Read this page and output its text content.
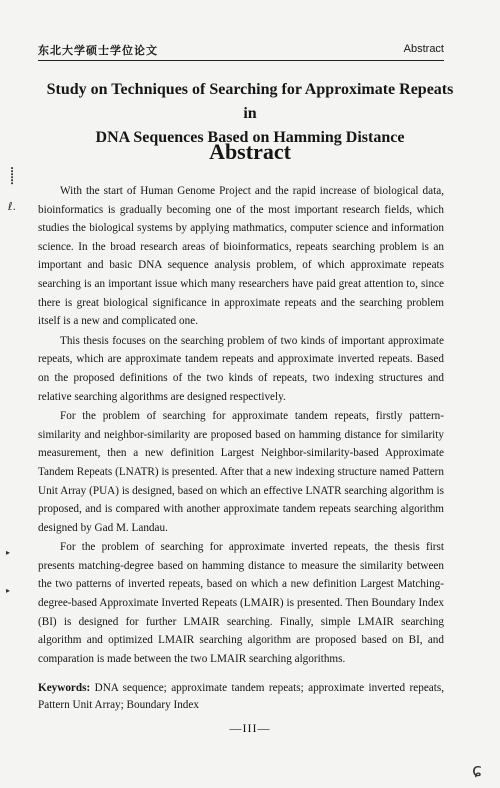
东北大学硕士学位论文	Abstract
Study on Techniques of Searching for Approximate Repeats in
DNA Sequences Based on Hamming Distance
Abstract

With the start of Human Genome Project and the rapid increase of biological data, bioinformatics is gradually becoming one of the most important research fields, which studies the biological systems by applying mathmatics, computer science and information science. In the broad research areas of bioinformatics, repeats searching problem is an important and basic DNA sequence analysis problem, of which approximate repeats searching is an important issue which many researchers have paid great attention to, since there is great biological significance in approximate repeats and the searching problem itself is a new and complicated one.

This thesis focuses on the searching problem of two kinds of important approximate repeats, which are approximate tandem repeats and approximate inverted repeats. Based on the proposed definitions of the two kinds of repeats, two indexing structures and relative searching algorithms are designed respectively.

For the problem of searching for approximate tandem repeats, firstly pattern-similarity and neighbor-similarity are proposed based on hamming distance for similarity measurement, then a new definition Largest Neighbor-similarity-based Approximate Tandem Repeats (LNATR) is presented. After that a new indexing structure named Pattern Unit Array (PUA) is designed, based on which an effective LNATR searching algorithm is proposed, and is compared with another approximate tandem repeats searching algorithm designed by Gad M. Landau.

For the problem of searching for approximate inverted repeats, the thesis first presents matching-degree based on hamming distance to measure the similarity between the two patterns of inverted repeats, based on which a new definition Largest Matching-degree-based Approximate Inverted Repeats (LMAIR) is presented. Then Boundary Index (BI) is designed for further LMAIR searching. Finally, simple LMAIR searching algorithm and optimized LMAIR searching algorithm are proposed based on BI, and comparation is made between the two LMAIR searching algorithms.

Keywords: DNA sequence; approximate tandem repeats; approximate inverted repeats, Pattern Unit Array; Boundary Index
—III—
⸽
ℓ.
▸
▸
ɕ
